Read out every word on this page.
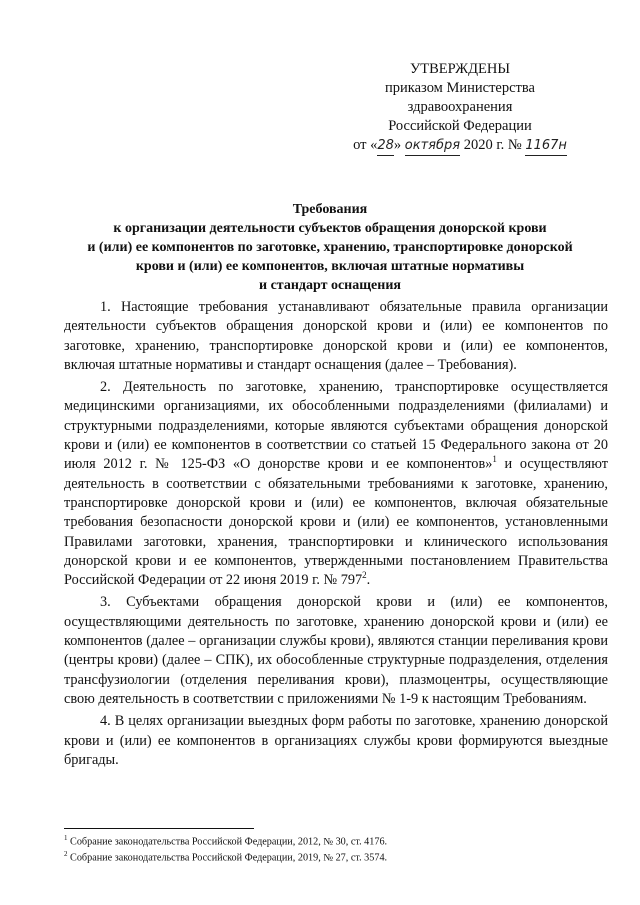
УТВЕРЖДЕНЫ
приказом Министерства
здравоохранения
Российской Федерации
от «28» октября 2020 г. № 1167н
Требования
к организации деятельности субъектов обращения донорской крови
и (или) ее компонентов по заготовке, хранению, транспортировке донорской
крови и (или) ее компонентов, включая штатные нормативы
и стандарт оснащения

1. Настоящие требования устанавливают обязательные правила организации деятельности субъектов обращения донорской крови и (или) ее компонентов по заготовке, хранению, транспортировке донорской крови и (или) ее компонентов, включая штатные нормативы и стандарт оснащения (далее – Требования).

2. Деятельность по заготовке, хранению, транспортировке осуществляется медицинскими организациями, их обособленными подразделениями (филиалами) и структурными подразделениями, которые являются субъектами обращения донорской крови и (или) ее компонентов в соответствии со статьей 15 Федерального закона от 20 июля 2012 г. № 125-ФЗ «О донорстве крови и ее компонентов»$^1$ и осуществляют деятельность в соответствии с обязательными требованиями к заготовке, хранению, транспортировке донорской крови и (или) ее компонентов, включая обязательные требования безопасности донорской крови и (или) ее компонентов, установленными Правилами заготовки, хранения, транспортировки и клинического использования донорской крови и ее компонентов, утвержденными постановлением Правительства Российской Федерации от 22 июня 2019 г. № $797^2$.

3. Субъектами обращения донорской крови и (или) ее компонентов, осуществляющими деятельность по заготовке, хранению донорской крови и (или) ее компонентов (далее – организации службы крови), являются станции переливания крови (центры крови) (далее – СПК), их обособленные структурные подразделения, отделения трансфузиологии (отделения переливания крови), плазмоцентры, осуществляющие свою деятельность в соответствии с приложениями № 1-9 к настоящим Требованиям.

4. В целях организации выездных форм работы по заготовке, хранению донорской крови и (или) ее компонентов в организациях службы крови формируются выездные бригады.

$^1$ Собрание законодательства Российской Федерации, 2012, № 30, ст. 4176.
$^2$ Собрание законодательства Российской Федерации, 2019, № 27, ст. 3574.
